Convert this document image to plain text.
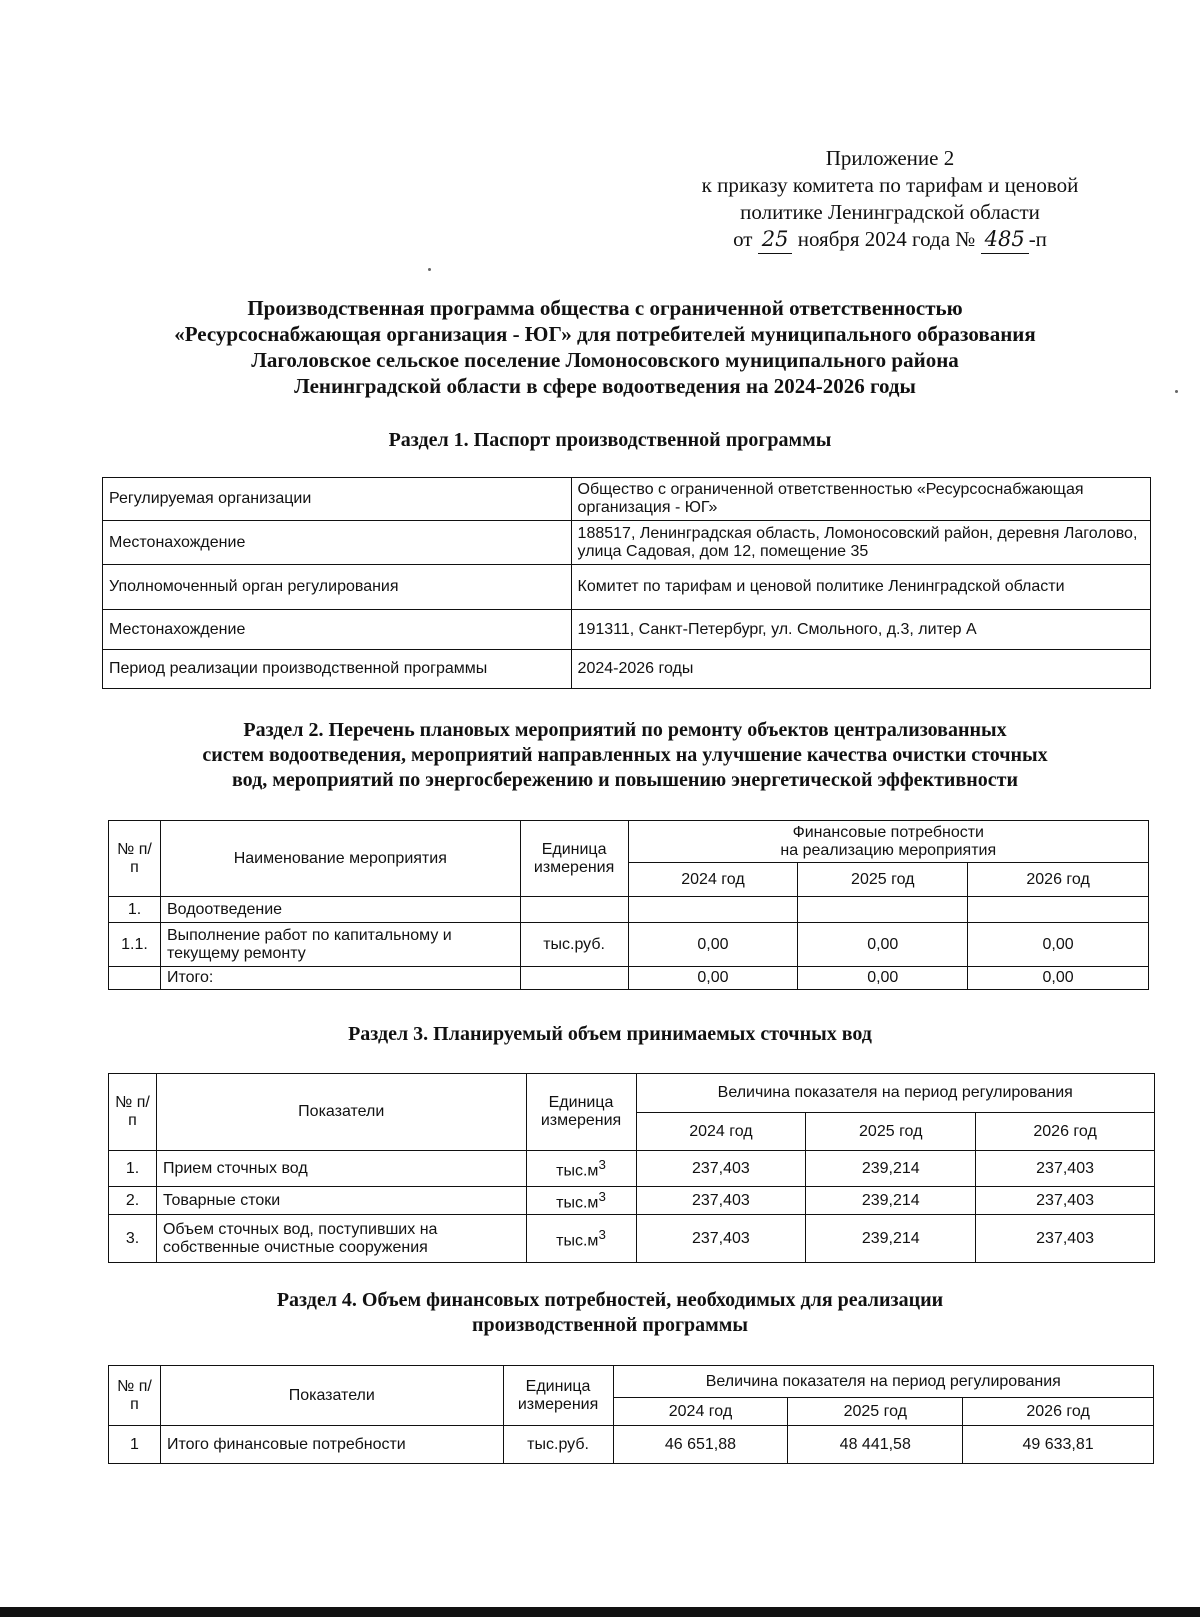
Приложение 2
к приказу комитета по тарифам и ценовой
политике Ленинградской области
от 25 ноября 2024 года № 485 -п
Производственная программа общества с ограниченной ответственностью
«Ресурсоснабжающая организация - ЮГ» для потребителей муниципального образования
Лаголовское сельское поселение Ломоносовского муниципального района
Ленинградской области в сфере водоотведения на 2024-2026 годы
Раздел 1. Паспорт производственной программы
Регулируемая организации	Общество с ограниченной ответственностью «Ресурсоснабжающая организация - ЮГ»
Местонахождение	188517, Ленинградская область, Ломоносовский район, деревня Лаголово, улица Садовая, дом 12, помещение 35
Уполномоченный орган регулирования	Комитет по тарифам и ценовой политике Ленинградской области
Местонахождение	191311, Санкт-Петербург, ул. Смольного, д.3, литер А
Период реализации производственной программы	2024-2026 годы
Раздел 2. Перечень плановых мероприятий по ремонту объектов централизованных
систем водоотведения, мероприятий направленных на улучшение качества очистки сточных
вод, мероприятий по энергосбережению и повышению энергетической эффективности
№ п/п	Наименование мероприятия	Единица измерения	Финансовые потребности
на реализацию мероприятия		

			2024 год	2025 год	2026 год
1.	Водоотведение				
1.1.	Выполнение работ по капитальному и текущему ремонту	тыс.руб.	0,00	0,00	0,00
	Итого:		0,00	0,00	0,00
Раздел 3. Планируемый объем принимаемых сточных вод
№ п/п	Показатели	Единица измерения	Величина показателя на период регулирования		
			2024 год	2025 год	2026 год
1.	Прием сточных вод	$тыс.м^3$	237,403	239,214	237,403
2.	Товарные стоки	$тыс.м^3$	237,403	239,214	237,403
3.	Объем сточных вод, поступивших на собственные очистные сооружения	$тыс.м^3$	237,403	239,214	237,403
Раздел 4. Объем финансовых потребностей, необходимых для реализации
производственной программы
№ п/п	Показатели	Единица измерения	Величина показателя на период регулирования		
			2024 год	2025 год	2026 год
1	Итого финансовые потребности	тыс.руб.	46 651,88	48 441,58	49 633,81
